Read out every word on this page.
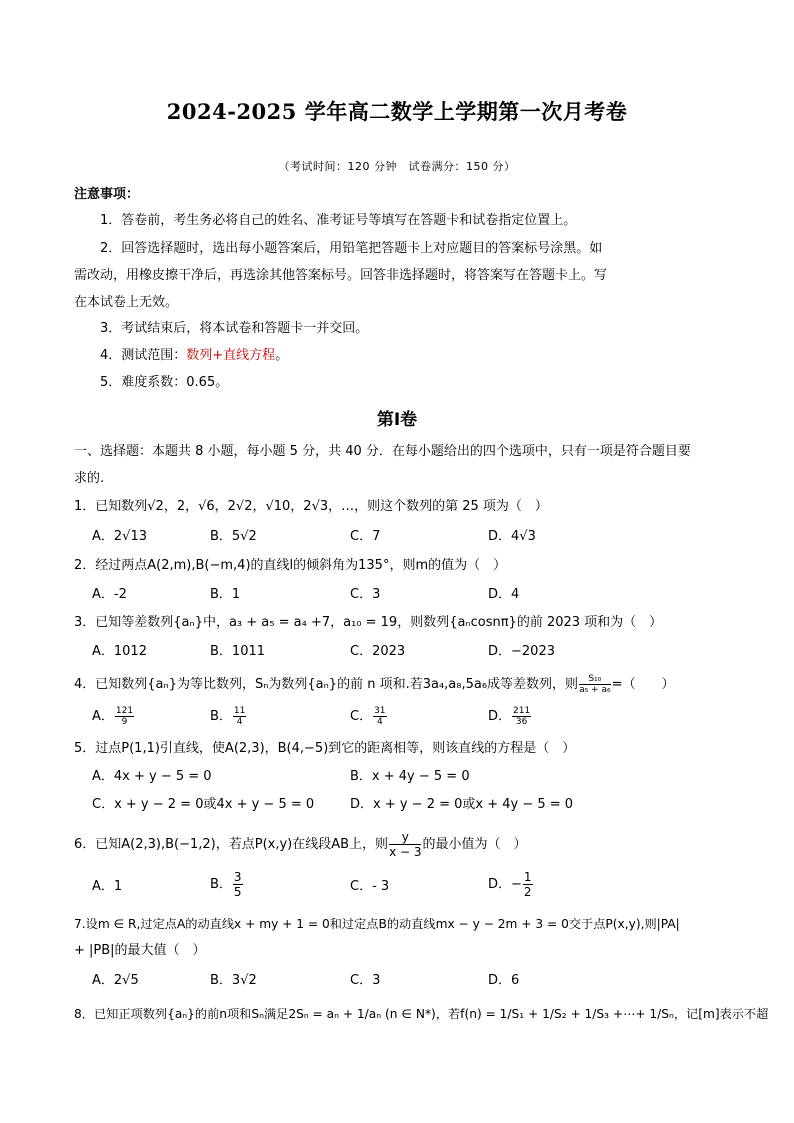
2024-2025 学年高二数学上学期第一次月考卷
（考试时间：120 分钟　试卷满分：150 分）
注意事项：
1．答卷前，考生务必将自己的姓名、准考证号等填写在答题卡和试卷指定位置上。
2．回答选择题时，选出每小题答案后，用铅笔把答题卡上对应题目的答案标号涂黑。如
需改动，用橡皮擦干净后，再选涂其他答案标号。回答非选择题时，将答案写在答题卡上。写
在本试卷上无效。
3．考试结束后，将本试卷和答题卡一并交回。
4．测试范围：数列+直线方程。
5．难度系数：0.65。
第Ⅰ卷
一、选择题：本题共 8 小题，每小题 5 分，共 40 分．在每小题给出的四个选项中，只有一项是符合题目要
求的.
1．已知数列√2，2，√6，2√2，√10，2√3，…，则这个数列的第 25 项为（　）
A．2√13	B．5√2	C．7	D．4√3
2．经过两点A(2,m),B(−m,4)的直线l的倾斜角为135°，则m的值为（　）
A．-2	B．1	C．3	D．4
3．已知等差数列{aₙ}中，a₃ + a₅ = a₄ +7，a₁₀ = 19，则数列{aₙcosnπ}的前 2023 项和为（　）
A．1012	B．1011	C．2023	D．−2023
4．已知数列{aₙ}为等比数列，Sₙ为数列{aₙ}的前 n 项和.若3a₄,a₈,5a₆成等差数列，则 $\frac{\text{S₁₀}}{\text{a₅ + a₆}}$ =（　　）
A． $\frac{121}{9}$	B． $\frac{11}{4}$	C． $\frac{31}{4}$	D． $\frac{211}{36}$
5．过点P(1,1)引直线，使A(2,3)，B(4,−5)到它的距离相等，则该直线的方程是（　）
A．4x + y − 5 = 0	B．x + 4y − 5 = 0
C．x + y − 2 = 0或4x + y − 5 = 0	D．x + y − 2 = 0或x + 4y − 5 = 0
6．已知A(2,3),B(−1,2)，若点P(x,y)在线段AB上，则 $\frac{y}{x - 3}$ 的最小值为（　）
A．1	B． $\frac{3}{5}$	C．- 3	D．− $\frac{1}{2}$
7.设m ∈ R,过定点A的动直线x + my + 1 = 0和过定点B的动直线mx − y − 2m + 3 = 0交于点P(x,y),则|PA|
+ |PB|的最大值（　）
A．2√5	B．3√2	C．3	D．6
8．已知正项数列{aₙ}的前n项和Sₙ满足2Sₙ = aₙ + 1/aₙ (n ∈ N*)，若f(n) = 1/S₁ + 1/S₂ + 1/S₃ +⋯+ 1/Sₙ，记[m]表示不超
